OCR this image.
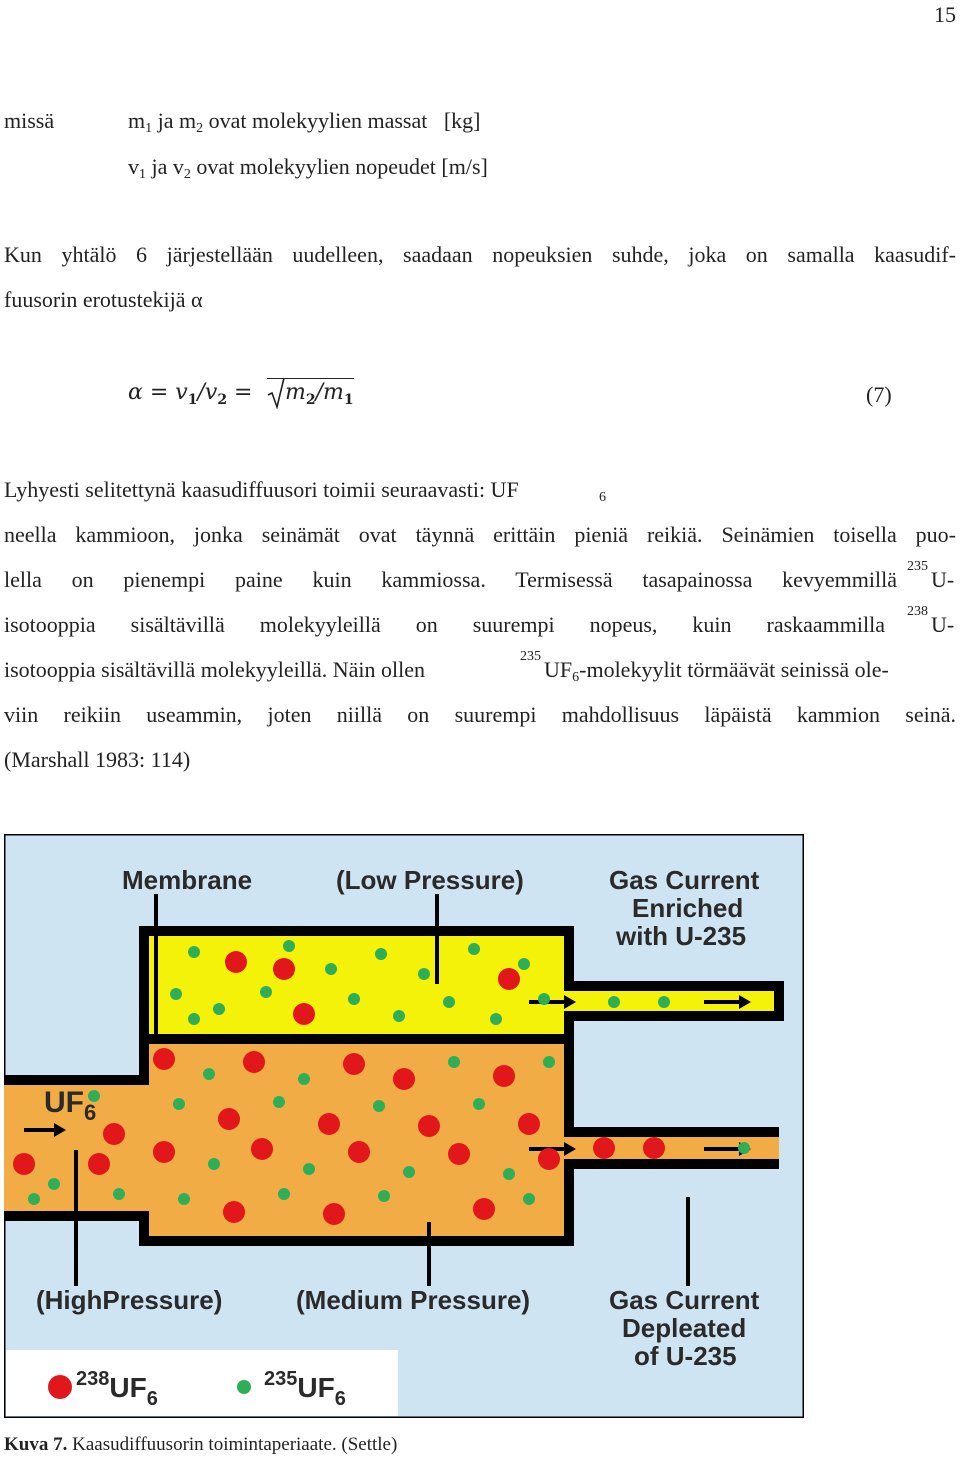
15
missä	m1 ja m2 ovat molekyylien massat   [kg]
v1 ja v2 ovat molekyylien nopeudet [m/s]
Kun yhtälö 6 järjestellään uudelleen, saadaan nopeuksien suhde, joka on samalla kaasudif-
fuusorin erotustekijä α
$\alpha = v_1/v_2$ =
$m_2/m_1$	(7)
Lyhyesti selitettynä kaasudiffuusori toimii seuraavasti: UF	6
neella kammioon, jonka seinämät ovat täynnä erittäin pieniä reikiä. Seinämien toisella puo-
lella on pienempi paine kuin kammiossa. Termisessä tasapainossa kevyemmillä
235
U-
isotooppia sisältävillä molekyyleillä on suurempi nopeus, kuin raskaammilla
238
U-
isotooppia sisältävillä molekyyleillä. Näin ollen
235
UF6-molekyylit törmäävät seinissä ole-
viin reikiin useammin, joten niillä on suurempi mahdollisuus läpäistä kammion seinä.
(Marshall 1983: 114)
Membrane	(Low Pressure)	Gas Current
Enriched
with U-235
$UF_6$
(HighPressure)	(Medium Pressure)	Gas Current
Depleated
of U-235
$^{238}UF_6$
$^{235}UF_6$
Kuva 7. Kaasudiffuusorin toimintaperiaate. (Settle)
